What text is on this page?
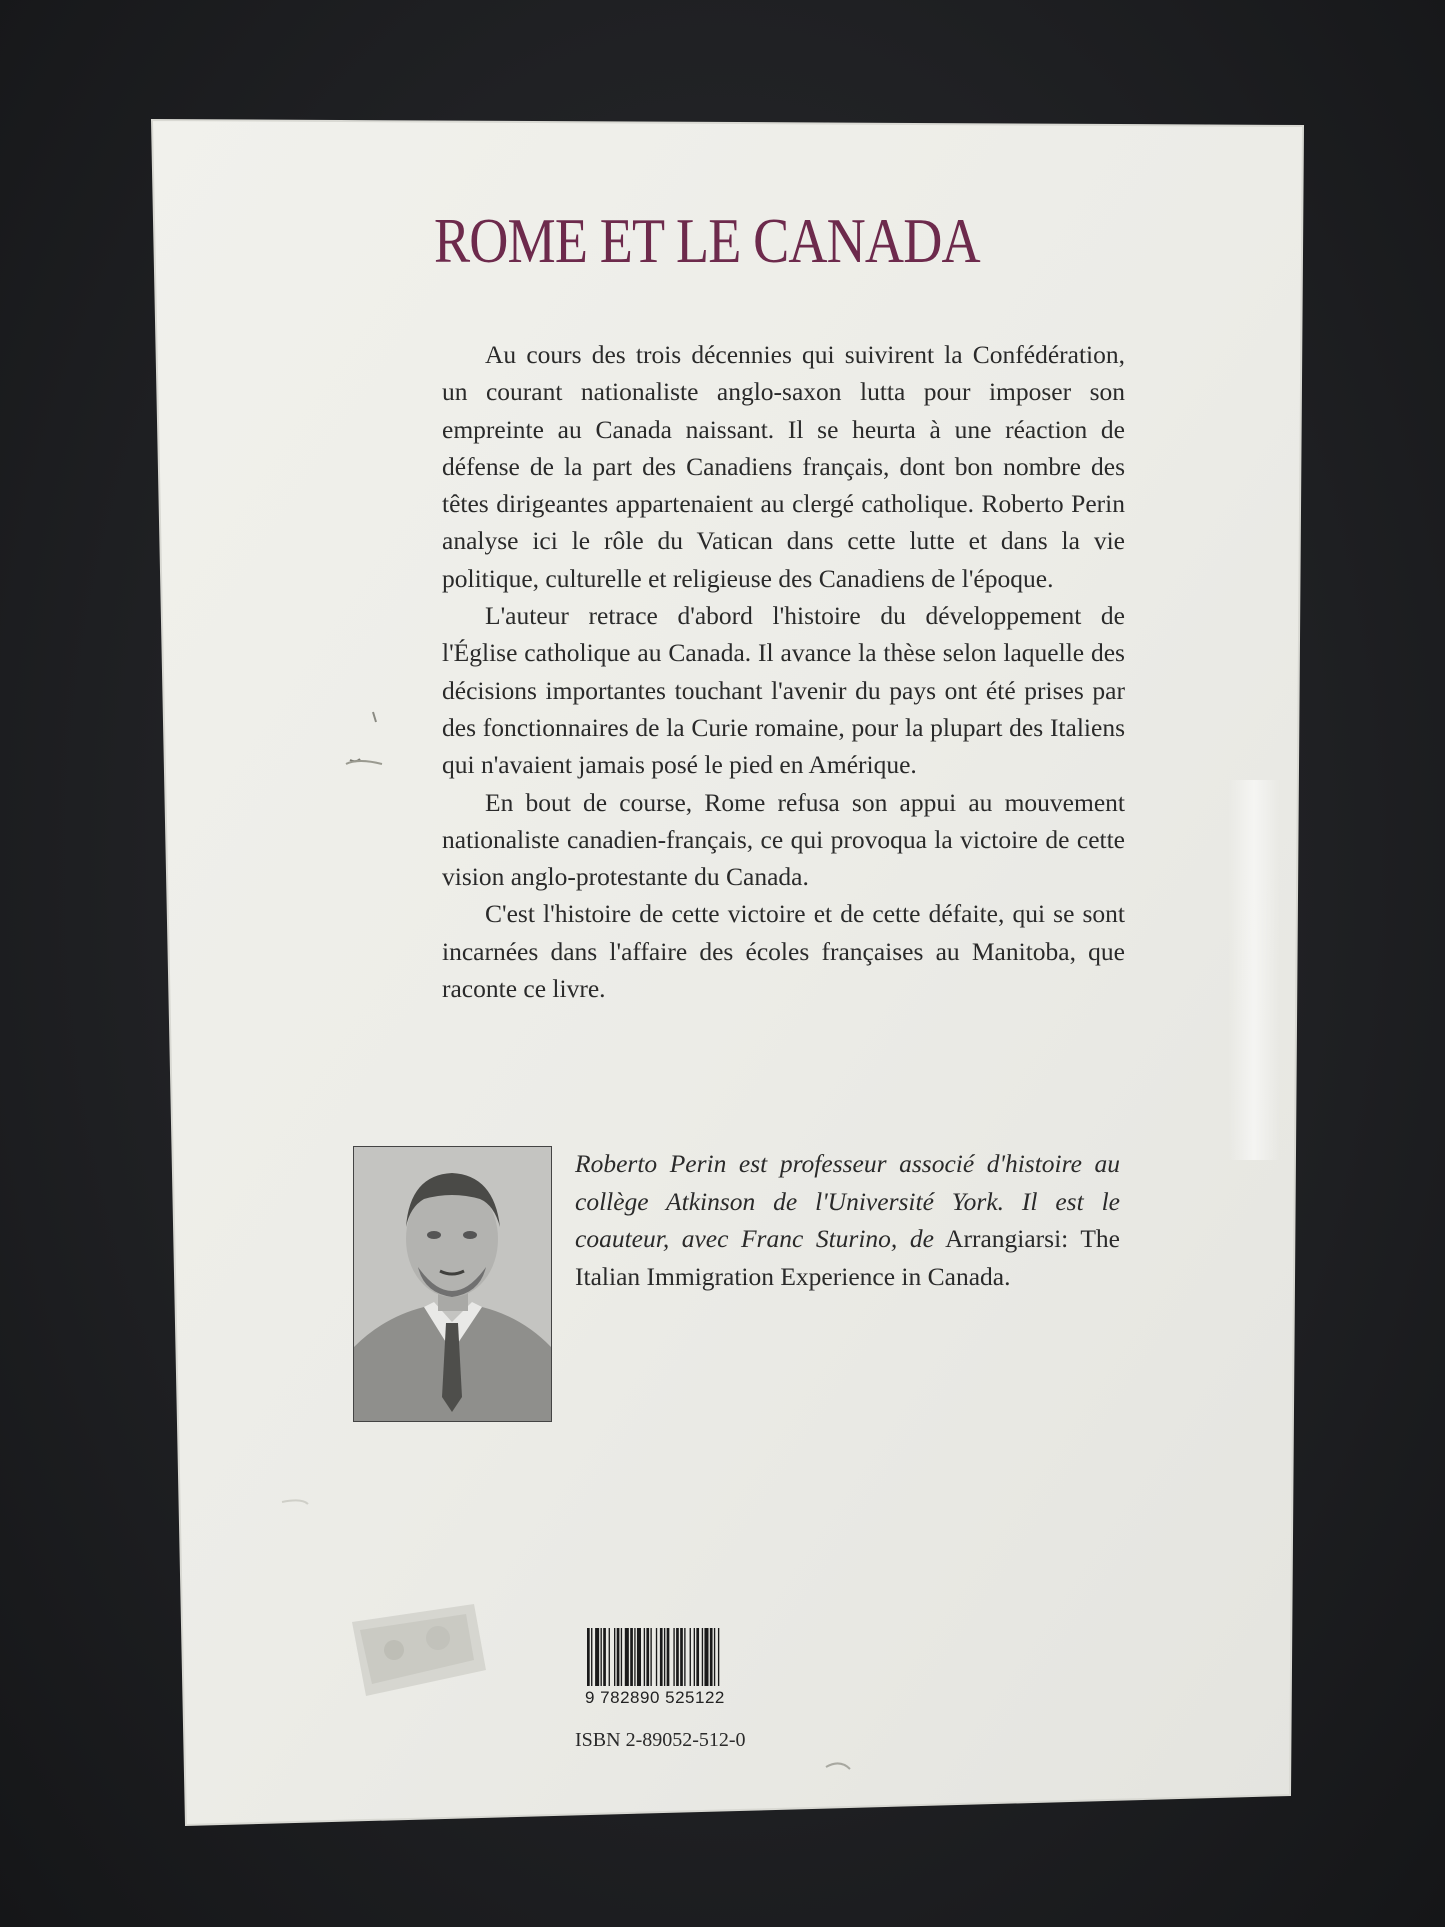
ROME ET LE CANADA

Au cours des trois décennies qui suivirent la Confédération, un courant nationaliste anglo-saxon lutta pour imposer son empreinte au Canada naissant. Il se heurta à une réaction de défense de la part des Canadiens français, dont bon nombre des têtes dirigeantes appartenaient au clergé catholique. Roberto Perin analyse ici le rôle du Vatican dans cette lutte et dans la vie politique, culturelle et religieuse des Canadiens de l'époque.

L'auteur retrace d'abord l'histoire du développement de l'Église catholique au Canada. Il avance la thèse selon laquelle des décisions importantes touchant l'avenir du pays ont été prises par des fonctionnaires de la Curie romaine, pour la plupart des Italiens qui n'avaient jamais posé le pied en Amérique.

En bout de course, Rome refusa son appui au mouvement nationaliste canadien-français, ce qui provoqua la victoire de cette vision anglo-protestante du Canada.

C'est l'histoire de cette victoire et de cette défaite, qui se sont incarnées dans l'affaire des écoles françaises au Manitoba, que raconte ce livre.

Roberto Perin est professeur associé d'histoire au collège Atkinson de l'Université York. Il est le coauteur, avec Franc Sturino, de Arrangiarsi: The Italian Immigration Experience in Canada.
9 782890 525122
ISBN 2-89052-512-0
